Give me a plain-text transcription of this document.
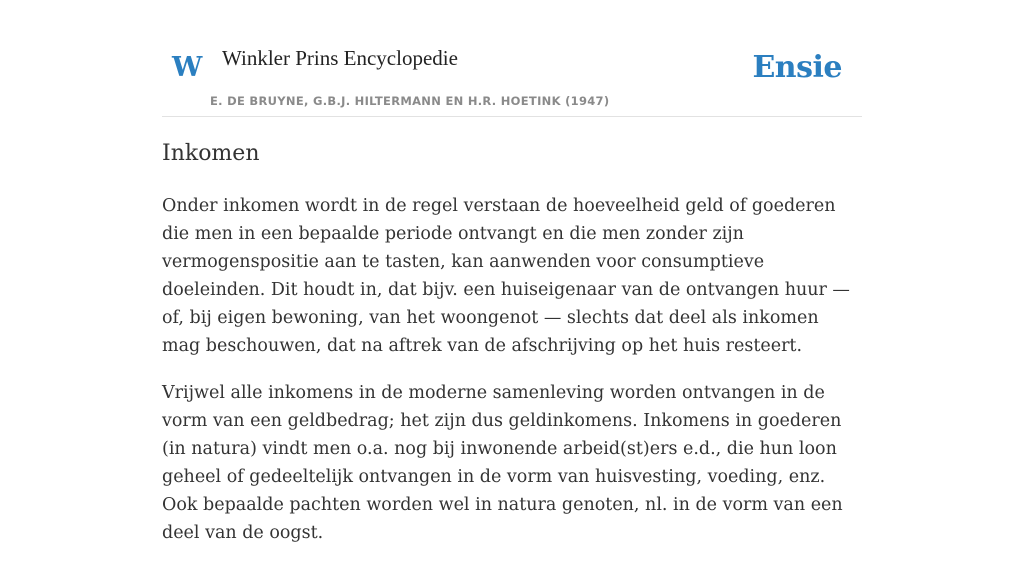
W Winkler Prins Encyclopedie
E. DE BRUYNE, G.B.J. HILTERMANN EN H.R. HOETINK (1947)
Ensie
Inkomen

Onder inkomen wordt in de regel verstaan de hoeveelheid geld of goederen die men in een bepaalde periode ontvangt en die men zonder zijn vermogenspositie aan te tasten, kan aanwenden voor consumptieve doeleinden. Dit houdt in, dat bijv. een huiseigenaar van de ontvangen huur — of, bij eigen bewoning, van het woongenot — slechts dat deel als inkomen mag beschouwen, dat na aftrek van de afschrijving op het huis resteert.

Vrijwel alle inkomens in de moderne samenleving worden ontvangen in de vorm van een geldbedrag; het zijn dus geldinkomens. Inkomens in goederen (in natura) vindt men o.a. nog bij inwonende arbeid(st)ers e.d., die hun loon geheel of gedeeltelijk ontvangen in de vorm van huisvesting, voeding, enz. Ook bepaalde pachten worden wel in natura genoten, nl. in de vorm van een deel van de oogst.
